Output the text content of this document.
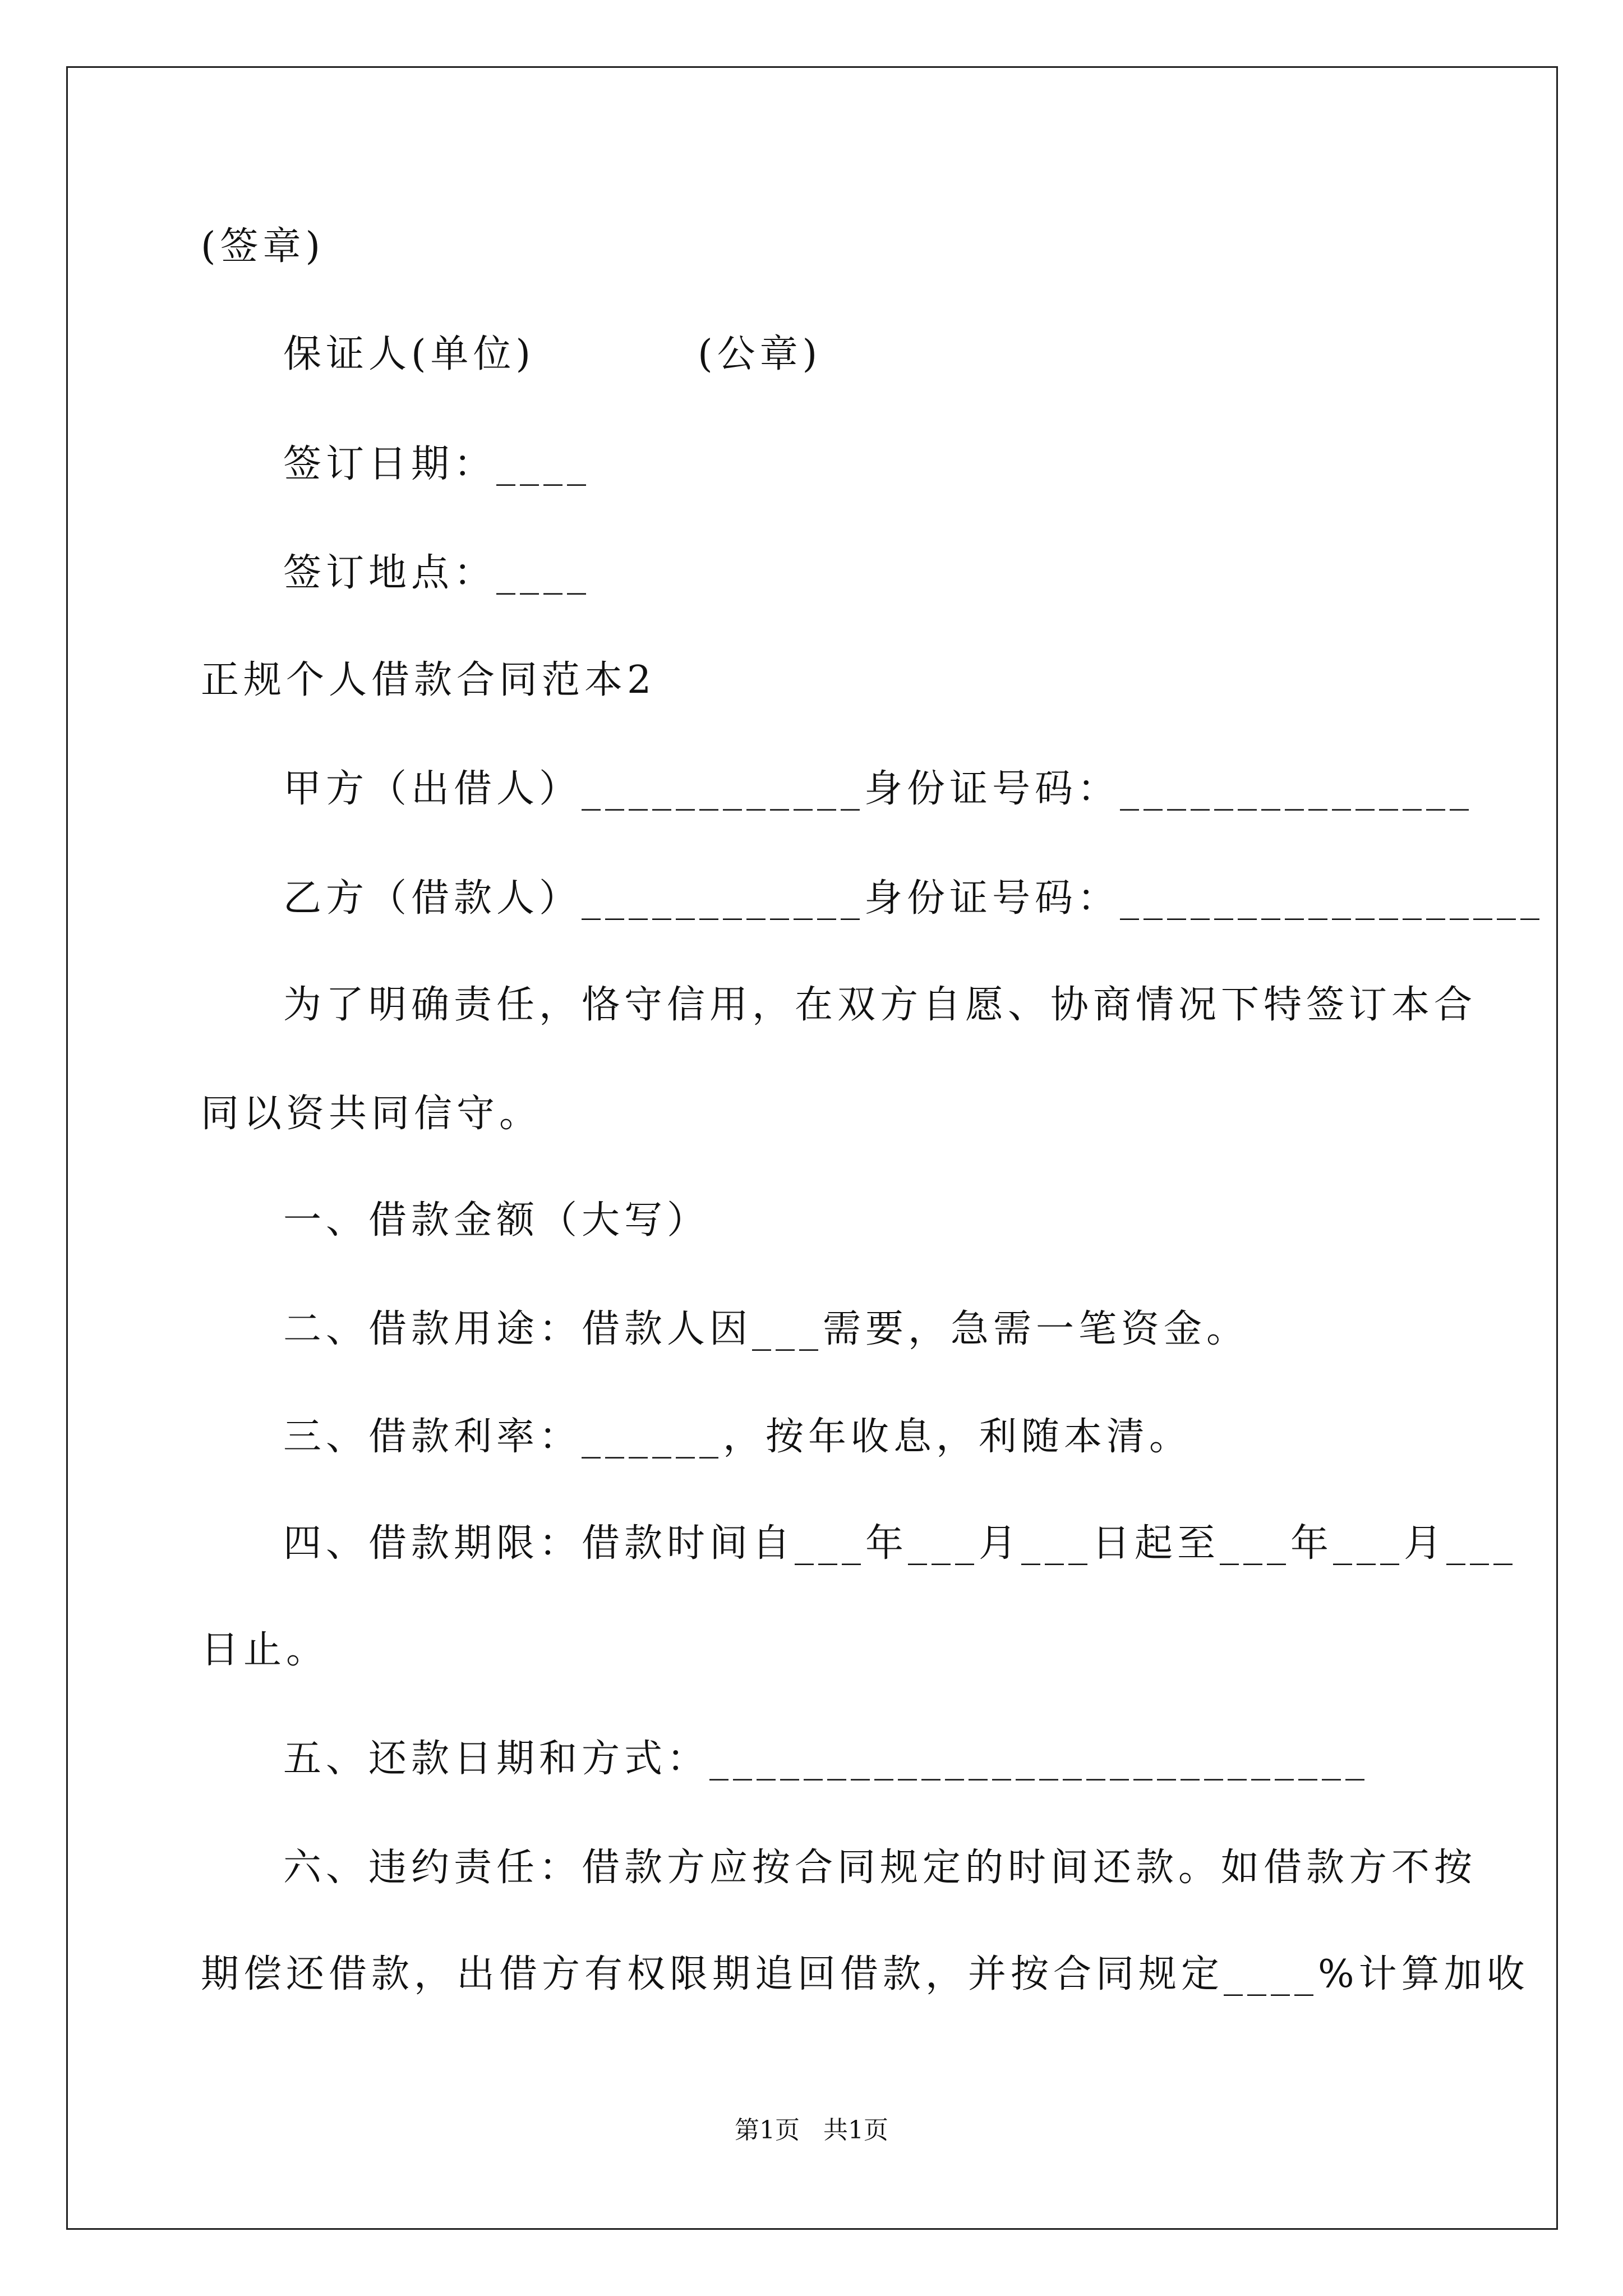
(签章)
保证人(单位)	(公章)
签订日期：____
签订地点：____
正规个人借款合同范本2
甲方（出借人）____________身份证号码：_______________
乙方（借款人）____________身份证号码：__________________
为了明确责任，恪守信用，在双方自愿、协商情况下特签订本合
同以资共同信守。
一、借款金额（大写）
二、借款用途：借款人因___需要，急需一笔资金。
三、借款利率：______，按年收息，利随本清。
四、借款期限：借款时间自___年___月___日起至___年___月___
日止。
五、还款日期和方式：____________________________
六、违约责任：借款方应按合同规定的时间还款。如借款方不按
期偿还借款，出借方有权限期追回借款，并按合同规定____%计算加收
第1页   共1页
